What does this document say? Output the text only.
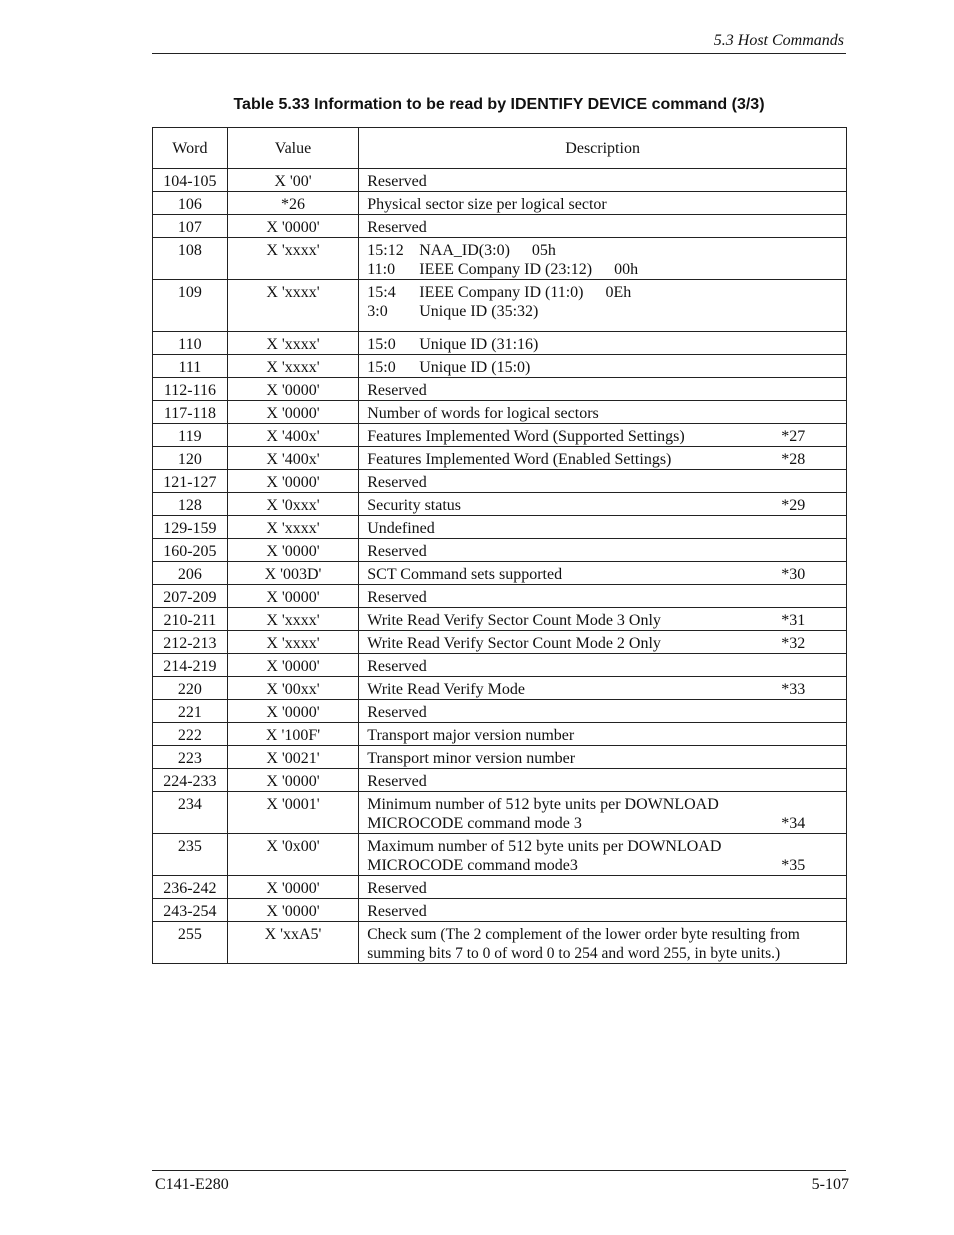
5.3 Host Commands
Table 5.33 Information to be read by IDENTIFY DEVICE command (3/3)
Word	Value	Description
104-105	X '00'	Reserved

106	*26	Physical sector size per logical sector

107	X '0000'	Reserved

108	X 'xxxx'	15:12 NAA_ID(3:0) 05h
11:0 IEEE Company ID (23:12) 00h

109	X 'xxxx'	15:4 IEEE Company ID (11:0) 0Eh
3:0 Unique ID (35:32)

110	X 'xxxx'	15:0 Unique ID (31:16)

111	X 'xxxx'	15:0 Unique ID (15:0)

112-116	X '0000'	Reserved

117-118	X '0000'	Number of words for logical sectors

119	X '400x'	Features Implemented Word (Supported Settings) *27

120	X '400x'	Features Implemented Word (Enabled Settings) *28

121-127	X '0000'	Reserved

128	X '0xxx'	Security status *29

129-159	X 'xxxx'	Undefined

160-205	X '0000'	Reserved

206	X '003D'	SCT Command sets supported *30

207-209	X '0000'	Reserved

210-211	X 'xxxx'	Write Read Verify Sector Count Mode 3 Only *31

212-213	X 'xxxx'	Write Read Verify Sector Count Mode 2 Only *32

214-219	X '0000'	Reserved

220	X '00xx'	Write Read Verify Mode *33

221	X '0000'	Reserved

222	X '100F'	Transport major version number

223	X '0021'	Transport minor version number

224-233	X '0000'	Reserved

234	X '0001'	Minimum number of 512 byte units per DOWNLOAD
MICROCODE command mode 3 *34

235	X '0x00'	Maximum number of 512 byte units per DOWNLOAD
MICROCODE command mode3 *35

236-242	X '0000'	Reserved

243-254	X '0000'	Reserved

255	X 'xxA5'	Check sum (The 2 complement of the lower order byte resulting from
summing bits 7 to 0 of word 0 to 254 and word 255, in byte units.)
C141-E280	5-107
